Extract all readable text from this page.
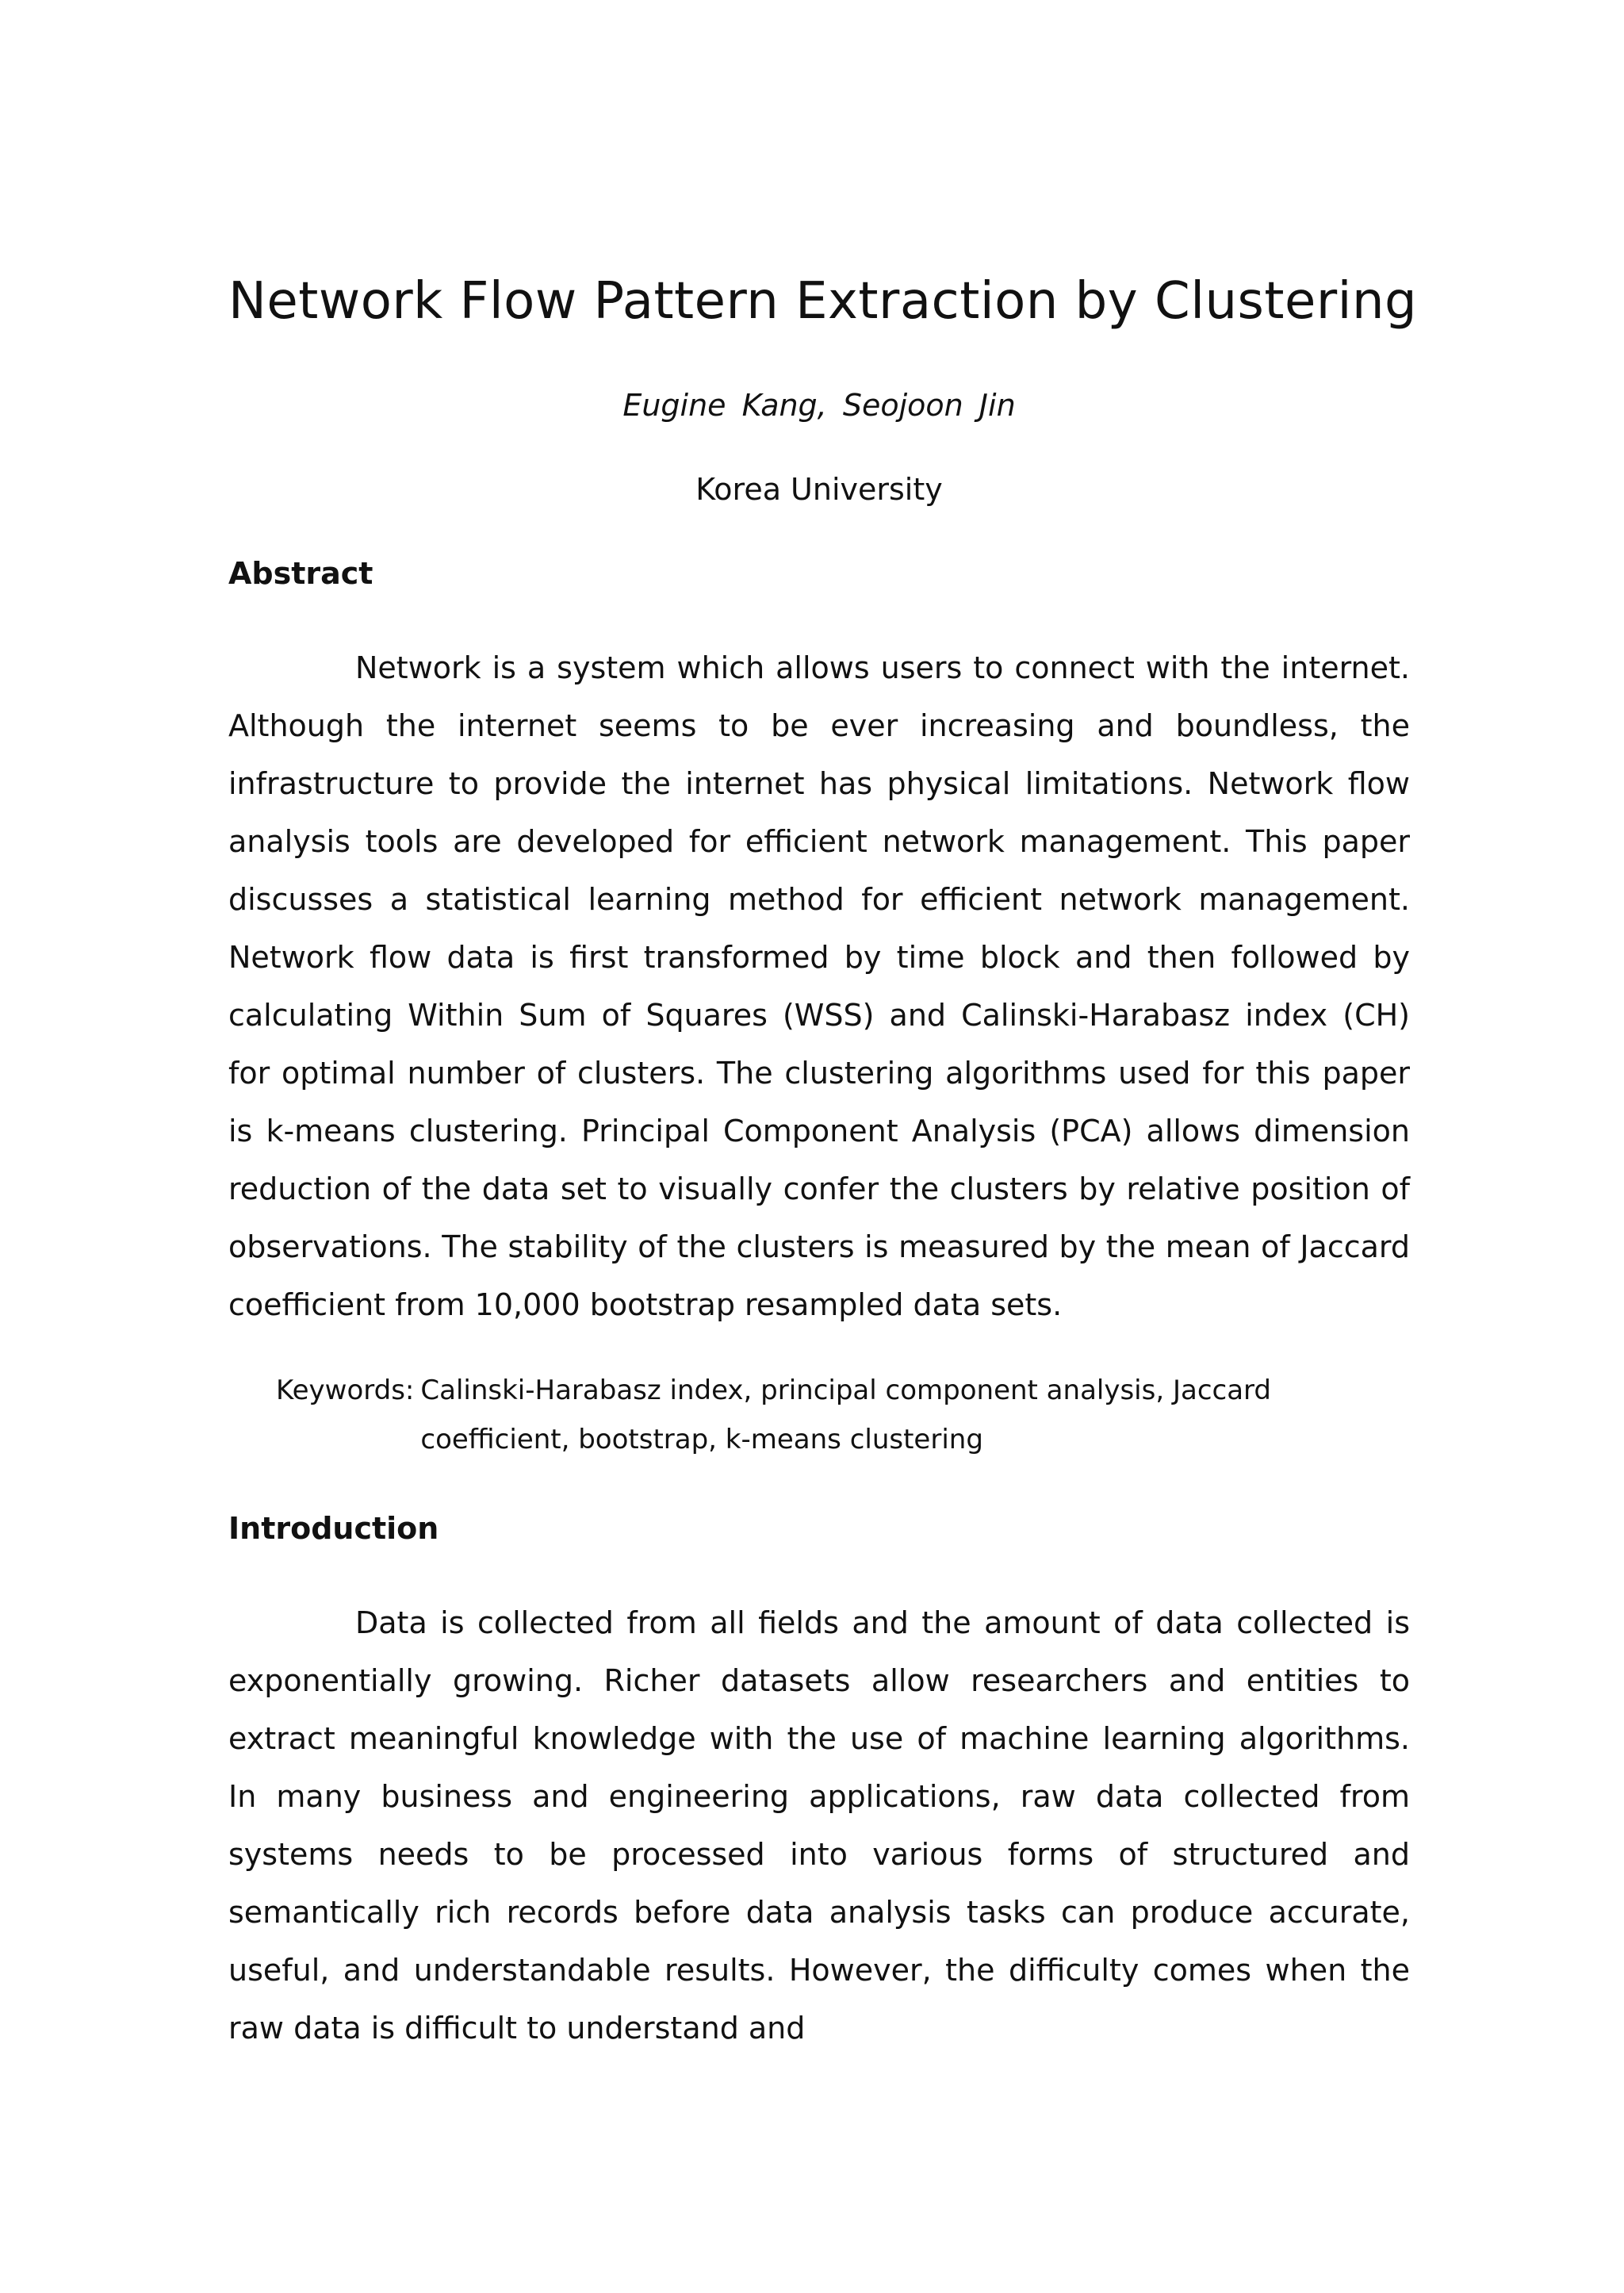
Network Flow Pattern Extraction by Clustering
Eugine Kang, Seojoon Jin
Korea University
Abstract

Network is a system which allows users to connect with the internet. Although the internet seems to be ever increasing and boundless, the infrastructure to provide the internet has physical limitations. Network flow analysis tools are developed for efficient network management. This paper discusses a statistical learning method for efficient network management. Network flow data is first transformed by time block and then followed by calculating Within Sum of Squares (WSS) and Calinski-Harabasz index (CH) for optimal number of clusters. The clustering algorithms used for this paper is k-means clustering. Principal Component Analysis (PCA) allows dimension reduction of the data set to visually confer the clusters by relative position of observations. The stability of the clusters is measured by the mean of Jaccard coefficient from 10,000 bootstrap resampled data sets.

Keywords: Calinski-Harabasz index, principal component analysis, Jaccard coefficient, bootstrap, k-means clustering
Introduction

Data is collected from all fields and the amount of data collected is exponentially growing. Richer datasets allow researchers and entities to extract meaningful knowledge with the use of machine learning algorithms. In many business and engineering applications, raw data collected from systems needs to be processed into various forms of structured and semantically rich records before data analysis tasks can produce accurate, useful, and understandable results. However, the difficulty comes when the raw data is difficult to understand and
